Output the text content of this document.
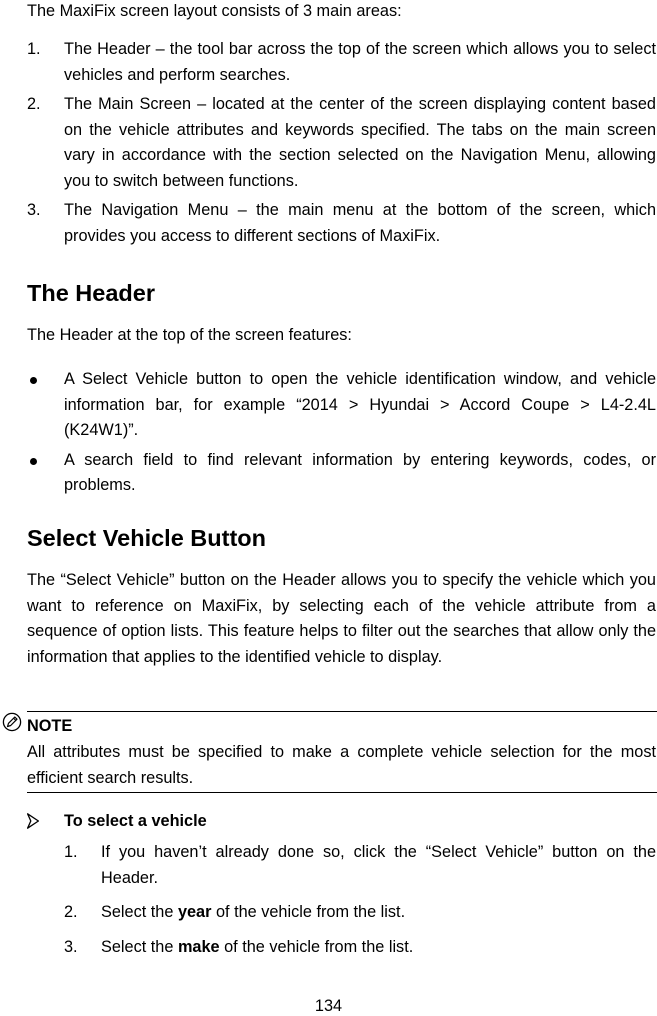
The MaxiFix screen layout consists of 3 main areas:
1. The Header – the tool bar across the top of the screen which allows you to select vehicles and perform searches.
2. The Main Screen – located at the center of the screen displaying content based on the vehicle attributes and keywords specified. The tabs on the main screen vary in accordance with the section selected on the Navigation Menu, allowing you to switch between functions.
3. The Navigation Menu – the main menu at the bottom of the screen, which provides you access to different sections of MaxiFix.
The Header
The Header at the top of the screen features:
A Select Vehicle button to open the vehicle identification window, and vehicle information bar, for example “2014 > Hyundai > Accord Coupe > L4-2.4L (K24W1)”.
A search field to find relevant information by entering keywords, codes, or problems.
Select Vehicle Button
The “Select Vehicle” button on the Header allows you to specify the vehicle which you want to reference on MaxiFix, by selecting each of the vehicle attribute from a sequence of option lists. This feature helps to filter out the searches that allow only the information that applies to the identified vehicle to display.
NOTE
All attributes must be specified to make a complete vehicle selection for the most efficient search results.
To select a vehicle
1. If you haven’t already done so, click the “Select Vehicle” button on the Header.
2. Select the year of the vehicle from the list.
3. Select the make of the vehicle from the list.
134
